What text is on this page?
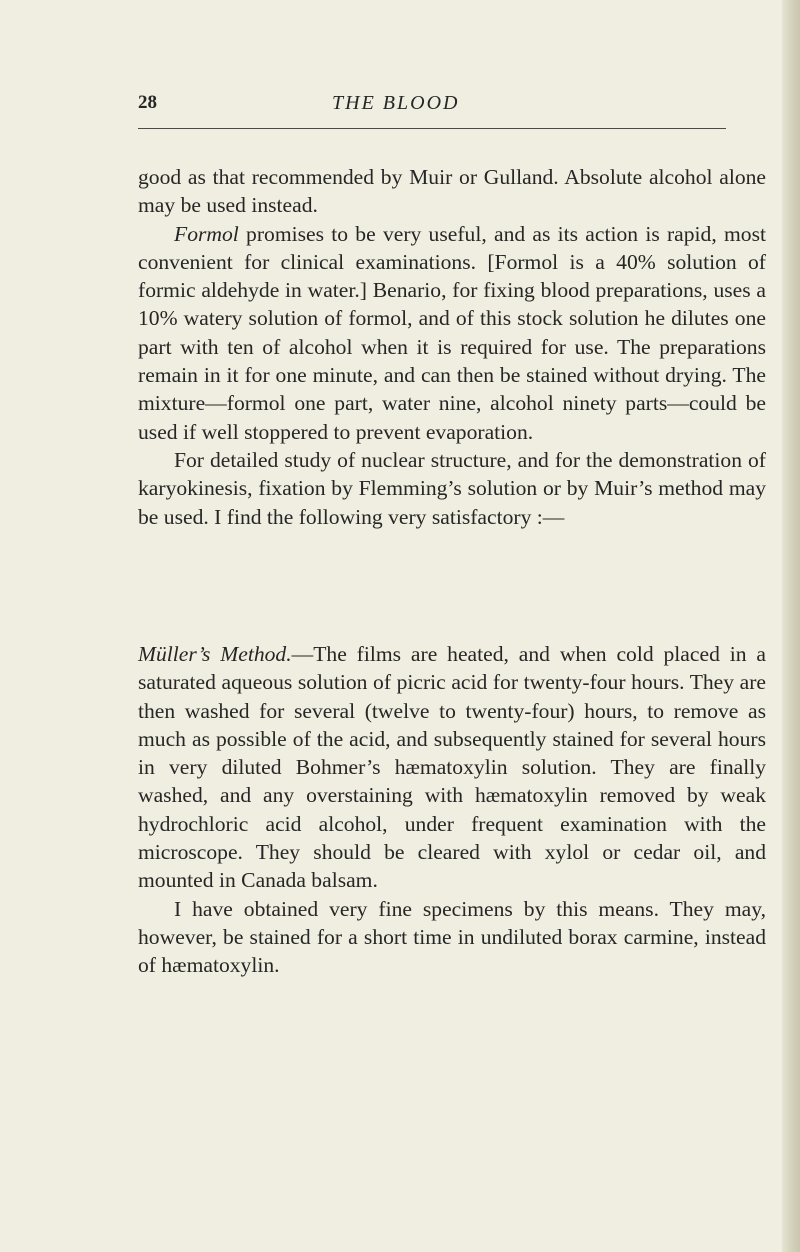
28	THE BLOOD

good as that recommended by Muir or Gulland. Absolute alcohol alone may be used instead.

Formol promises to be very useful, and as its action is rapid, most convenient for clinical examinations. [Formol is a 40% solution of formic aldehyde in water.] Benario, for fixing blood preparations, uses a 10% watery solution of formol, and of this stock solution he dilutes one part with ten of alcohol when it is required for use. The preparations remain in it for one minute, and can then be stained without drying. The mixture—formol one part, water nine, alcohol ninety parts—could be used if well stoppered to prevent evaporation.

For detailed study of nuclear structure, and for the demonstration of karyokinesis, fixation by Flemming’s solution or by Muir’s method may be used. I find the following very satisfactory :—

Müller’s Method.—The films are heated, and when cold placed in a saturated aqueous solution of picric acid for twenty-four hours. They are then washed for several (twelve to twenty-four) hours, to remove as much as possible of the acid, and subsequently stained for several hours in very diluted Bohmer’s hæmatoxylin solution. They are finally washed, and any overstaining with hæmatoxylin removed by weak hydrochloric acid alcohol, under frequent examination with the microscope. They should be cleared with xylol or cedar oil, and mounted in Canada balsam.

I have obtained very fine specimens by this means. They may, however, be stained for a short time in undiluted borax carmine, instead of hæmatoxylin.
